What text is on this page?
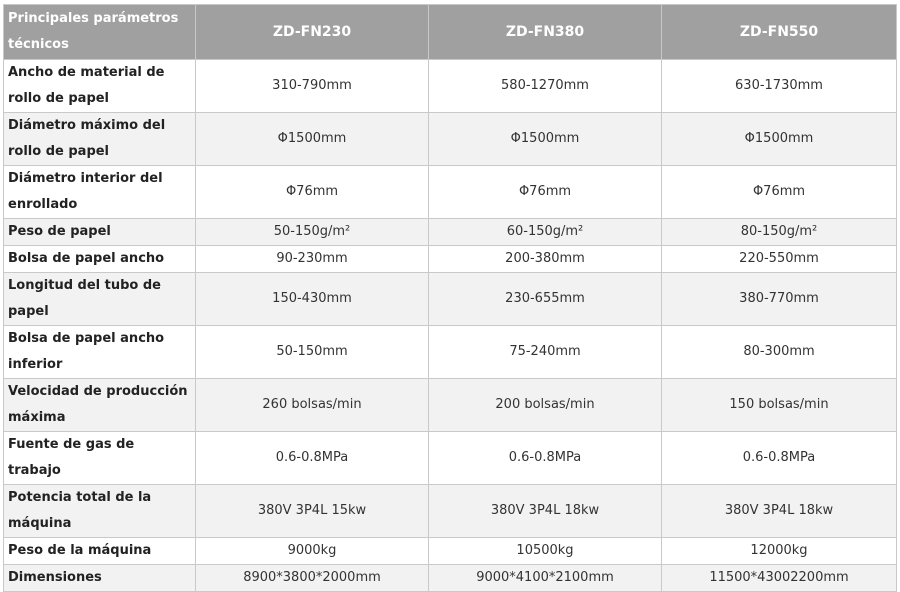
Principales parámetros técnicos	ZD-FN230	ZD-FN380	ZD-FN550
Ancho de material de rollo de papel	310-790mm	580-1270mm	630-1730mm
Diámetro máximo del rollo de papel	Φ1500mm	Φ1500mm	Φ1500mm
Diámetro interior del enrollado	Φ76mm	Φ76mm	Φ76mm
Peso de papel	50-150g/m²	60-150g/m²	80-150g/m²
Bolsa de papel ancho	90-230mm	200-380mm	220-550mm
Longitud del tubo de papel	150-430mm	230-655mm	380-770mm
Bolsa de papel ancho inferior	50-150mm	75-240mm	80-300mm
Velocidad de producción máxima	260 bolsas/min	200 bolsas/min	150 bolsas/min
Fuente de gas de trabajo	0.6-0.8MPa	0.6-0.8MPa	0.6-0.8MPa
Potencia total de la máquina	380V 3P4L 15kw	380V 3P4L 18kw	380V 3P4L 18kw
Peso de la máquina	9000kg	10500kg	12000kg
Dimensiones	8900*3800*2000mm	9000*4100*2100mm	11500*43002200mm
